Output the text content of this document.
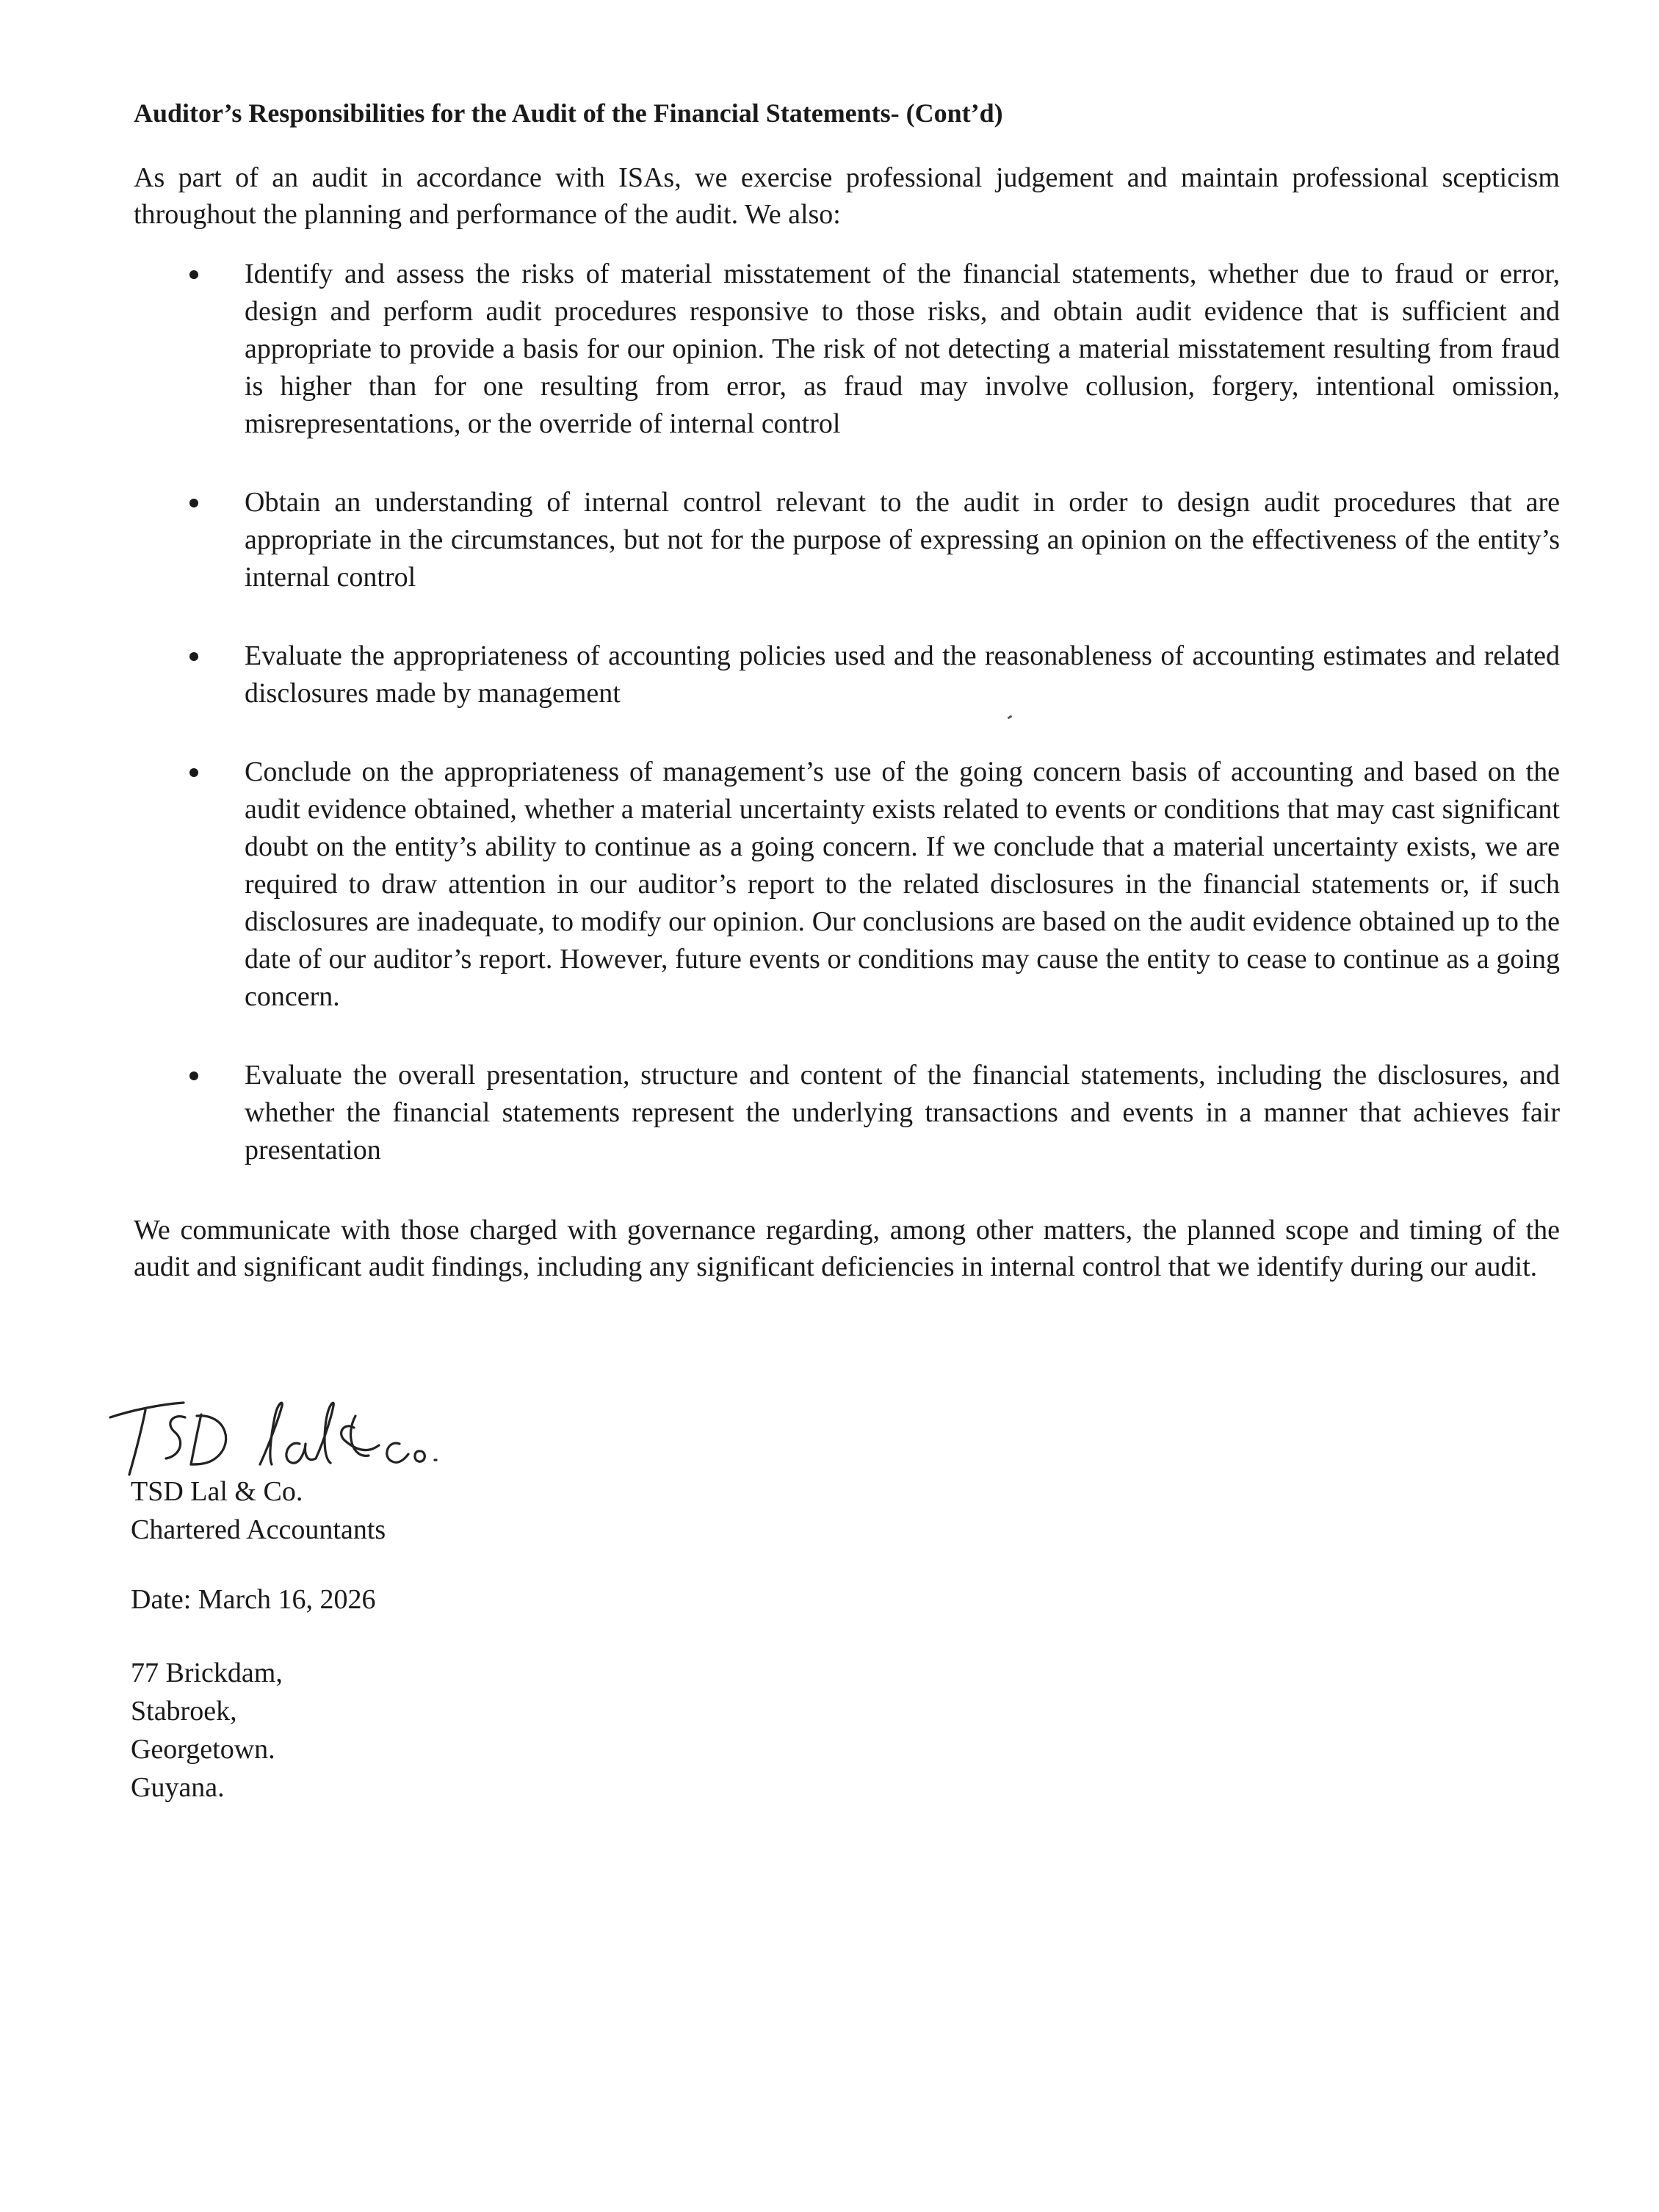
Auditor’s Responsibilities for the Audit of the Financial Statements- (Cont’d)

As part of an audit in accordance with ISAs, we exercise professional judgement and maintain professional scepticism throughout the planning and performance of the audit. We also:

Identify and assess the risks of material misstatement of the financial statements, whether due to fraud or error, design and perform audit procedures responsive to those risks, and obtain audit evidence that is sufficient and appropriate to provide a basis for our opinion. The risk of not detecting a material misstatement resulting from fraud is higher than for one resulting from error, as fraud may involve collusion, forgery, intentional omission, misrepresentations, or the override of internal control
Obtain an understanding of internal control relevant to the audit in order to design audit procedures that are appropriate in the circumstances, but not for the purpose of expressing an opinion on the effectiveness of the entity’s internal control
Evaluate the appropriateness of accounting policies used and the reasonableness of accounting estimates and related disclosures made by management
Conclude on the appropriateness of management’s use of the going concern basis of accounting and based on the audit evidence obtained, whether a material uncertainty exists related to events or conditions that may cast significant doubt on the entity’s ability to continue as a going concern. If we conclude that a material uncertainty exists, we are required to draw attention in our auditor’s report to the related disclosures in the financial statements or, if such disclosures are inadequate, to modify our opinion. Our conclusions are based on the audit evidence obtained up to the date of our auditor’s report. However, future events or conditions may cause the entity to cease to continue as a going concern.
Evaluate the overall presentation, structure and content of the financial statements, including the disclosures, and whether the financial statements represent the underlying transactions and events in a manner that achieves fair presentation

We communicate with those charged with governance regarding, among other matters, the planned scope and timing of the audit and significant audit findings, including any significant deficiencies in internal control that we identify during our audit.

TSD Lal & Co.
Chartered Accountants
Date: March 16, 2026
77 Brickdam,
Stabroek,
Georgetown.
Guyana.
